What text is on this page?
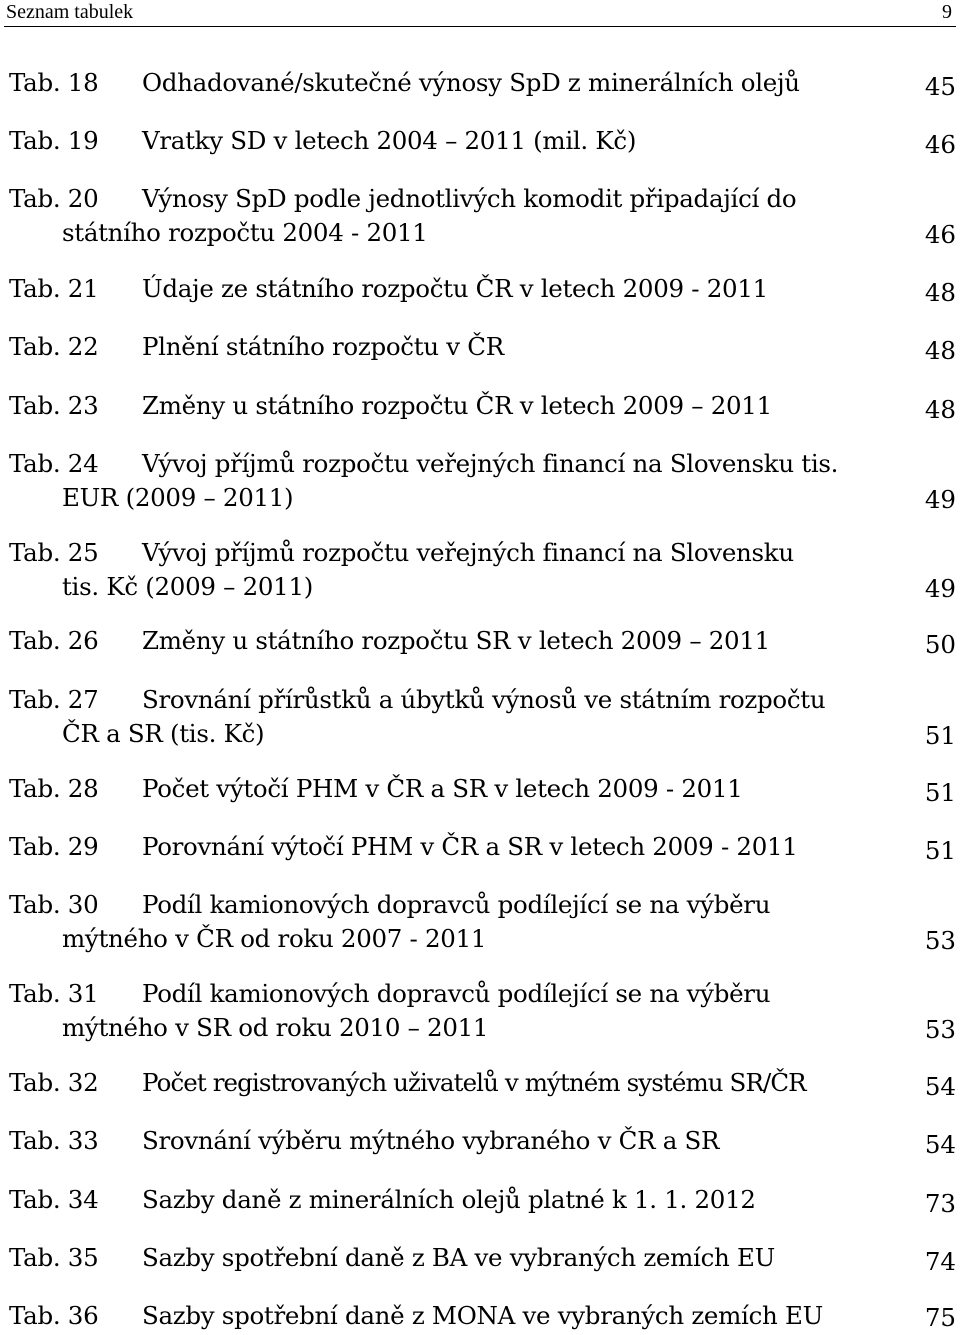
Seznam tabulek	9
Tab. 18 Odhadované/skutečné výnosy SpD z minerálních olejů	45
Tab. 19 Vratky SD v letech 2004 – 2011 (mil. Kč)	46
Tab. 20 Výnosy SpD podle jednotlivých komodit připadající do
státního rozpočtu 2004 - 2011	46
Tab. 21 Údaje ze státního rozpočtu ČR v letech 2009 - 2011	48
Tab. 22 Plnění státního rozpočtu v ČR	48
Tab. 23 Změny u státního rozpočtu ČR v letech 2009 – 2011	48
Tab. 24 Vývoj příjmů rozpočtu veřejných financí na Slovensku tis.
EUR (2009 – 2011)	49
Tab. 25 Vývoj příjmů rozpočtu veřejných financí na Slovensku
tis. Kč (2009 – 2011)	49
Tab. 26 Změny u státního rozpočtu SR v letech 2009 – 2011	50
Tab. 27 Srovnání přírůstků a úbytků výnosů ve státním rozpočtu
ČR a SR (tis. Kč)	51
Tab. 28 Počet výtočí PHM v ČR a SR v letech 2009 - 2011	51
Tab. 29 Porovnání výtočí PHM v ČR a SR v letech 2009 - 2011	51
Tab. 30 Podíl kamionových dopravců podílející se na výběru
mýtného v ČR od roku 2007 - 2011	53
Tab. 31 Podíl kamionových dopravců podílející se na výběru
mýtného v SR od roku 2010 – 2011	53
Tab. 32 Počet registrovaných uživatelů v mýtném systému SR/ČR	54
Tab. 33 Srovnání výběru mýtného vybraného v ČR a SR	54
Tab. 34 Sazby daně z minerálních olejů platné k 1. 1. 2012	73
Tab. 35 Sazby spotřební daně z BA ve vybraných zemích EU	74
Tab. 36 Sazby spotřební daně z MONA ve vybraných zemích EU	75
